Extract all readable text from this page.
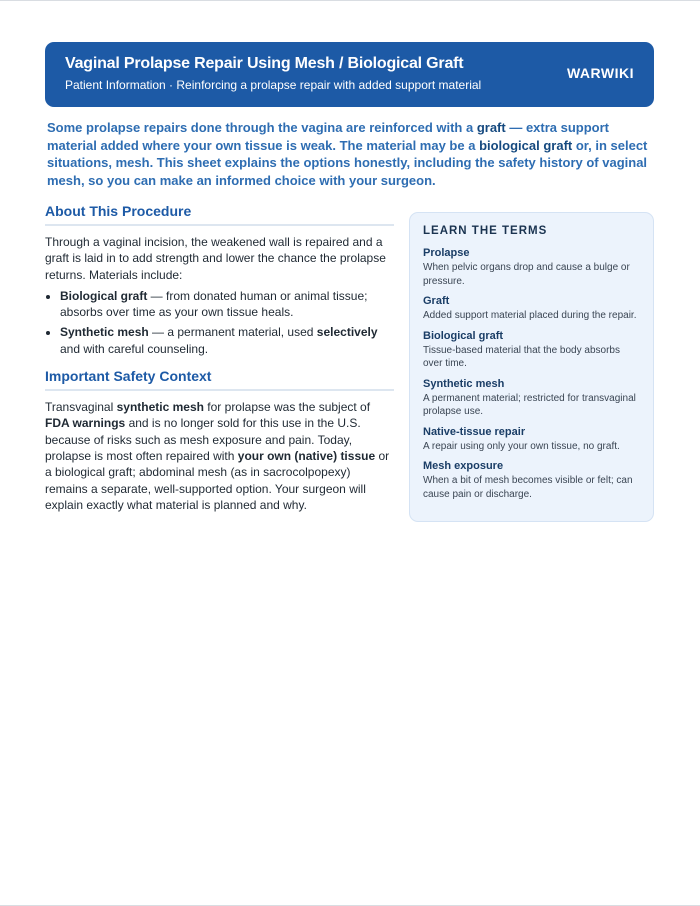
Vaginal Prolapse Repair Using Mesh / Biological Graft
Patient Information · Reinforcing a prolapse repair with added support material
WARWIKI

Some prolapse repairs done through the vagina are reinforced with a graft — extra support material added where your own tissue is weak. The material may be a biological graft or, in select situations, mesh. This sheet explains the options honestly, including the safety history of vaginal mesh, so you can make an informed choice with your surgeon.

About This Procedure

Through a vaginal incision, the weakened wall is repaired and a graft is laid in to add strength and lower the chance the prolapse returns. Materials include:

• Biological graft — from donated human or animal tissue; absorbs over time as your own tissue heals.
• Synthetic mesh — a permanent material, used selectively and with careful counseling.
Important Safety Context

Transvaginal synthetic mesh for prolapse was the subject of FDA warnings and is no longer sold for this use in the U.S. because of risks such as mesh exposure and pain. Today, prolapse is most often repaired with your own (native) tissue or a biological graft; abdominal mesh (as in sacrocolpopexy) remains a separate, well-supported option. Your surgeon will explain exactly what material is planned and why.

LEARN THE TERMS
Prolapse
When pelvic organs drop and cause a bulge or pressure.
Graft
Added support material placed during the repair.
Biological graft
Tissue-based material that the body absorbs over time.
Synthetic mesh
A permanent material; restricted for transvaginal prolapse use.
Native-tissue repair
A repair using only your own tissue, no graft.
Mesh exposure
When a bit of mesh becomes visible or felt; can cause pain or discharge.
